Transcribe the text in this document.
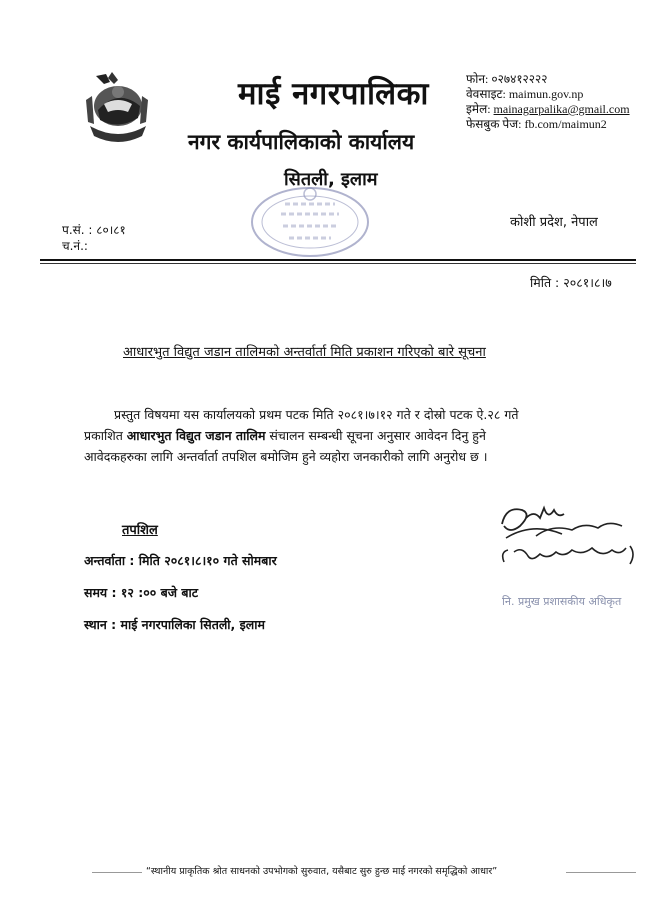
माई नगरपालिका
नगर कार्यपालिकाको कार्यालय
सितली, इलाम
फोन: ०२७४१२२२२
वेवसाइट: maimun.gov.np
इमेल: mainagarpalika@gmail.com
फेसबुक पेज: fb.com/maimun2
प.सं. : ८०।८१
च.नं.:
कोशी प्रदेश, नेपाल
मिति : २०८१।८।७
आधारभुत विद्युत जडान तालिमको अन्तर्वार्ता मिति प्रकाशन गरिएको बारे सूचना

प्रस्तुत विषयमा यस कार्यालयको प्रथम पटक मिति २०८१।७।१२ गते र दोस्रो पटक ऐ.२८ गते

प्रकाशित आधारभुत विद्युत जडान तालिम संचालन सम्बन्धी सूचना अनुसार आवेदन दिनु हुने

आवेदकहरुका लागि अन्तर्वार्ता तपशिल बमोजिम हुने व्यहोरा जनकारीको लागि अनुरोध छ ।

तपशिल
अन्तर्वाता : मिति २०८१।८।१० गते सोमबार
समय : १२ :०० बजे बाट
स्थान : माई नगरपालिका सितली, इलाम
नि. प्रमुख प्रशासकीय अधिकृत
“स्थानीय प्राकृतिक श्रोत साधनको उपभोगको सुरुवात, यसैबाट सुरु हुन्छ माई नगरको समृद्धिको आधार”
